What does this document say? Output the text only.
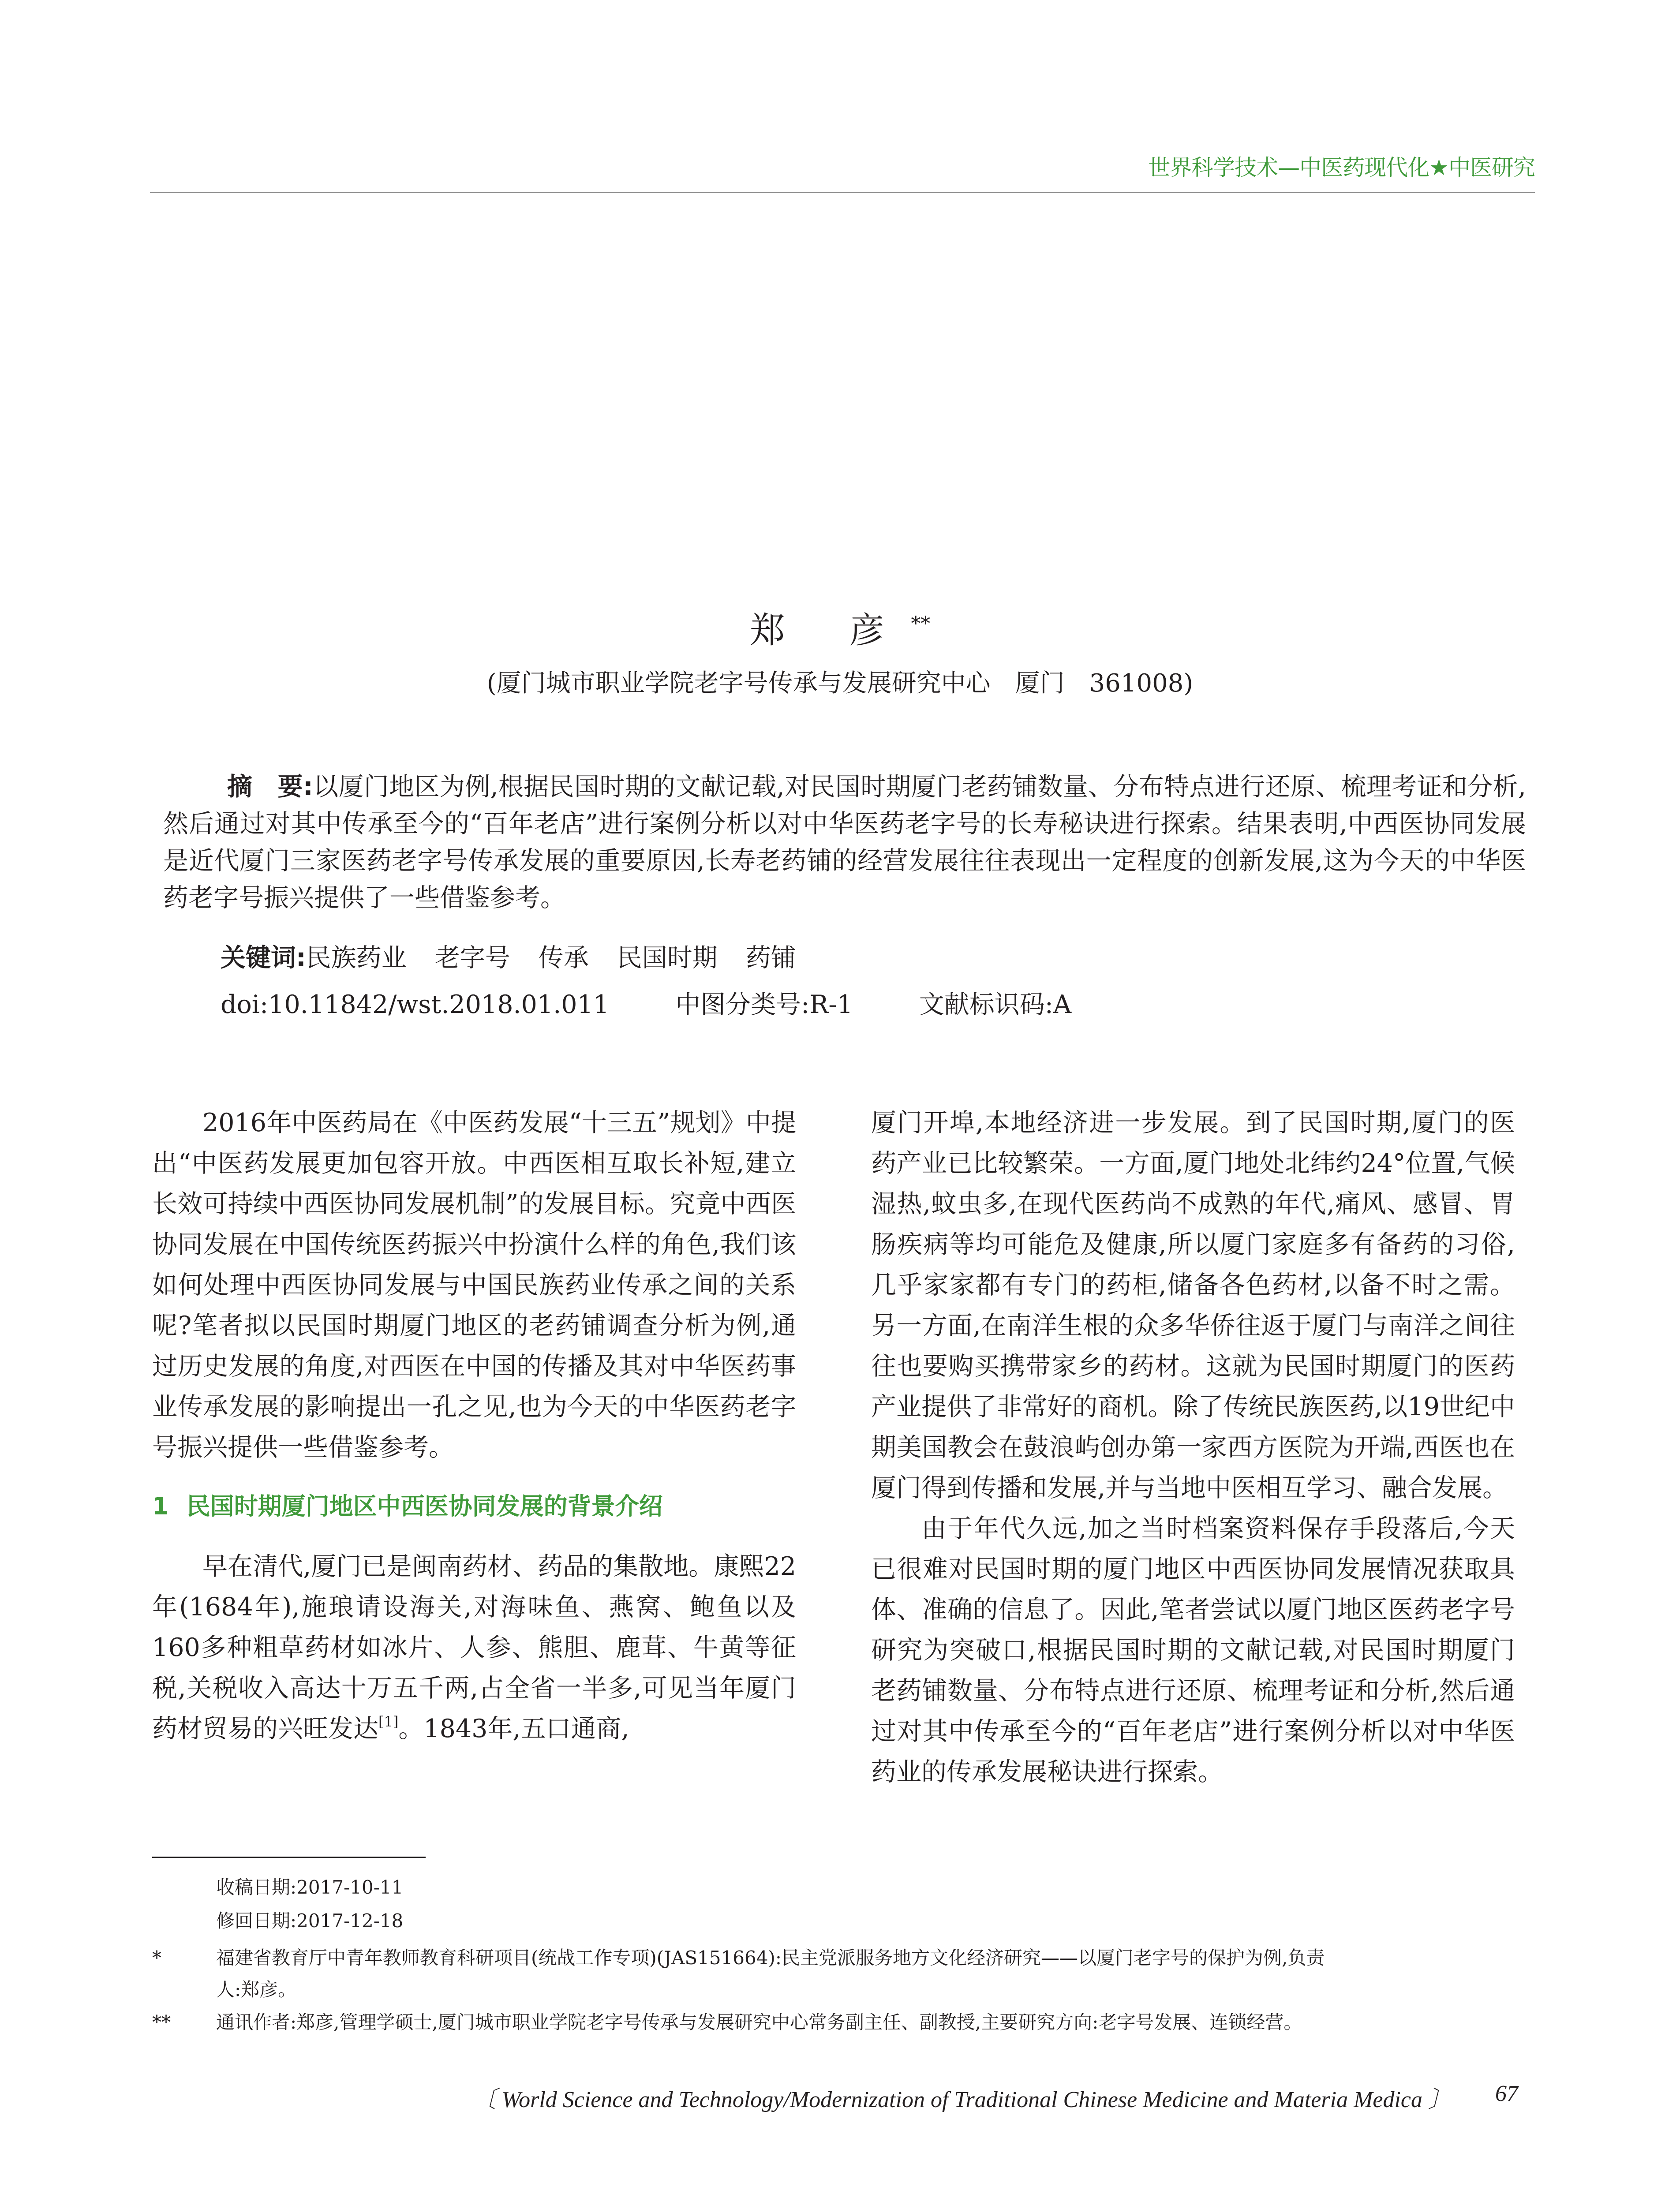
世界科学技术—中医药现代化★中医研究
郑 彦**
(厦门城市职业学院老字号传承与发展研究中心　厦门　361008)

摘　要:以厦门地区为例,根据民国时期的文献记载,对民国时期厦门老药铺数量、分布特点进行还原、梳理考证和分析,然后通过对其中传承至今的“百年老店”进行案例分析以对中华医药老字号的长寿秘诀进行探索。结果表明,中西医协同发展是近代厦门三家医药老字号传承发展的重要原因,长寿老药铺的经营发展往往表现出一定程度的创新发展,这为今天的中华医药老字号振兴提供了一些借鉴参考。

关键词:民族药业 老字号 传承 民国时期 药铺
doi:10.11842/wst.2018.01.011	中图分类号:R-1	文献标识码:A

2016年中医药局在《中医药发展“十三五”规划》中提出“中医药发展更加包容开放。中西医相互取长补短,建立长效可持续中西医协同发展机制”的发展目标。究竟中西医协同发展在中国传统医药振兴中扮演什么样的角色,我们该如何处理中西医协同发展与中国民族药业传承之间的关系呢?笔者拟以民国时期厦门地区的老药铺调查分析为例,通过历史发展的角度,对西医在中国的传播及其对中华医药事业传承发展的影响提出一孔之见,也为今天的中华医药老字号振兴提供一些借鉴参考。

1 民国时期厦门地区中西医协同发展的背景介绍

早在清代,厦门已是闽南药材、药品的集散地。康熙22年(1684年),施琅请设海关,对海味鱼、燕窝、鲍鱼以及160多种粗草药材如冰片、人参、熊胆、鹿茸、牛黄等征税,关税收入高达十万五千两,占全省一半多,可见当年厦门药材贸易的兴旺发达[1]。1843年,五口通商,

厦门开埠,本地经济进一步发展。到了民国时期,厦门的医药产业已比较繁荣。一方面,厦门地处北纬约24°位置,气候湿热,蚊虫多,在现代医药尚不成熟的年代,痛风、感冒、胃肠疾病等均可能危及健康,所以厦门家庭多有备药的习俗,几乎家家都有专门的药柜,储备各色药材,以备不时之需。另一方面,在南洋生根的众多华侨往返于厦门与南洋之间往往也要购买携带家乡的药材。这就为民国时期厦门的医药产业提供了非常好的商机。除了传统民族医药,以19世纪中期美国教会在鼓浪屿创办第一家西方医院为开端,西医也在厦门得到传播和发展,并与当地中医相互学习、融合发展。

由于年代久远,加之当时档案资料保存手段落后,今天已很难对民国时期的厦门地区中西医协同发展情况获取具体、准确的信息了。因此,笔者尝试以厦门地区医药老字号研究为突破口,根据民国时期的文献记载,对民国时期厦门老药铺数量、分布特点进行还原、梳理考证和分析,然后通过对其中传承至今的“百年老店”进行案例分析以对中华医药业的传承发展秘诀进行探索。

收稿日期:2017-10-11
修回日期:2017-12-18
*	福建省教育厅中青年教师教育科研项目(统战工作专项)(JAS151664):民主党派服务地方文化经济研究——以厦门老字号的保护为例,负责
人:郑彦。
** 通讯作者:郑彦,管理学硕士,厦门城市职业学院老字号传承与发展研究中心常务副主任、副教授,主要研究方向:老字号发展、连锁经营。
〔 World Science and Technology/Modernization of Traditional Chinese Medicine and Materia Medica 〕 67
